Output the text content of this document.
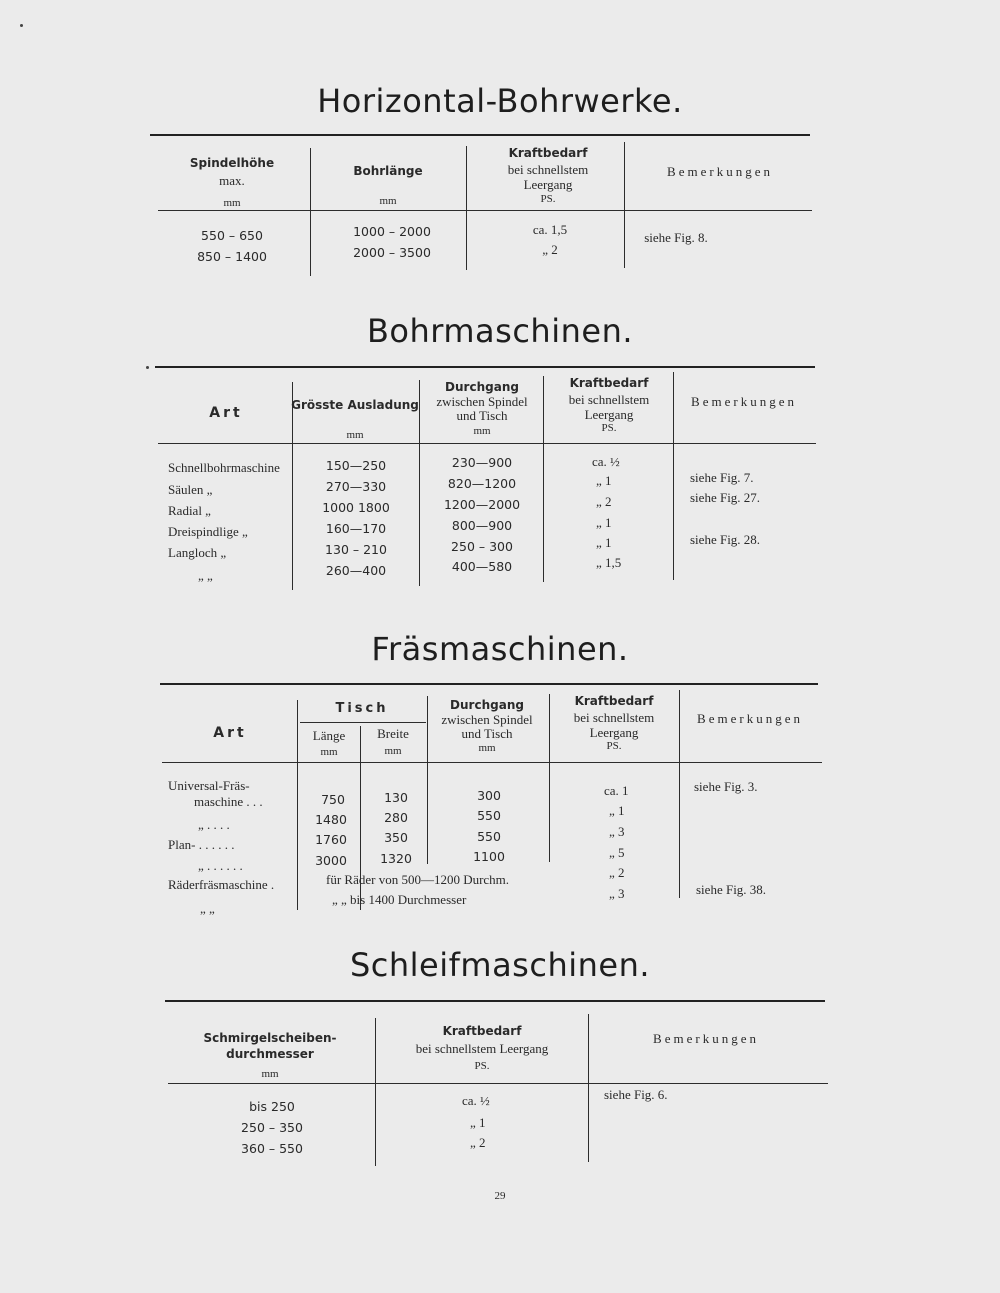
Horizontal-Bohrwerke.
Spindelhöhe
max.
mm
Bohrlänge
mm
Kraftbedarf
bei schnellstem
Leergang
PS.
Bemerkungen
550 – 650
850 – 1400
1000 – 2000
2000 – 3500
ca. 1,5
„ 2
siehe Fig. 8.
Bohrmaschinen.
Art	Grösste Ausladung
mm
Durchgang
zwischen Spindel
und Tisch
mm
Kraftbedarf
bei schnellstem
Leergang
PS.
Bemerkungen
Schnellbohrmaschine
Säulen „
Radial „
Dreispindlige „
Langloch „
„ „
150—250
270—330
1000 1800
160—170
130 – 210
260—400
230—900
820—1200
1200—2000
800—900
250 – 300
400—580
ca. ½
„ 1
„ 2
„ 1
„ 1
„ 1,5
siehe Fig. 7.
siehe Fig. 27.
siehe Fig. 28.
Fräsmaschinen.
Art
Tisch
Länge
mm
Breite
mm
Durchgang
zwischen Spindel
und Tisch
mm
Kraftbedarf
bei schnellstem
Leergang
PS.
Bemerkungen
Universal-Fräs-
maschine . . .
„ . . . .
Plan- . . . . . .
„ . . . . . .
Räderfräsmaschine .
„ „
750
1480
1760
3000
130
280
350
1320
300
550
550
1100
für Räder von 500—1200 Durchm.
„ „ bis 1400 Durchmesser
ca. 1
„ 1
„ 3
„ 5
„ 2
„ 3
siehe Fig. 3.
siehe Fig. 38.
Schleifmaschinen.
Schmirgelscheiben-
durchmesser
mm
Kraftbedarf
bei schnellstem Leergang
PS.
Bemerkungen
bis 250
250 – 350
360 – 550
ca. ½
„ 1
„ 2
siehe Fig. 6.
29
